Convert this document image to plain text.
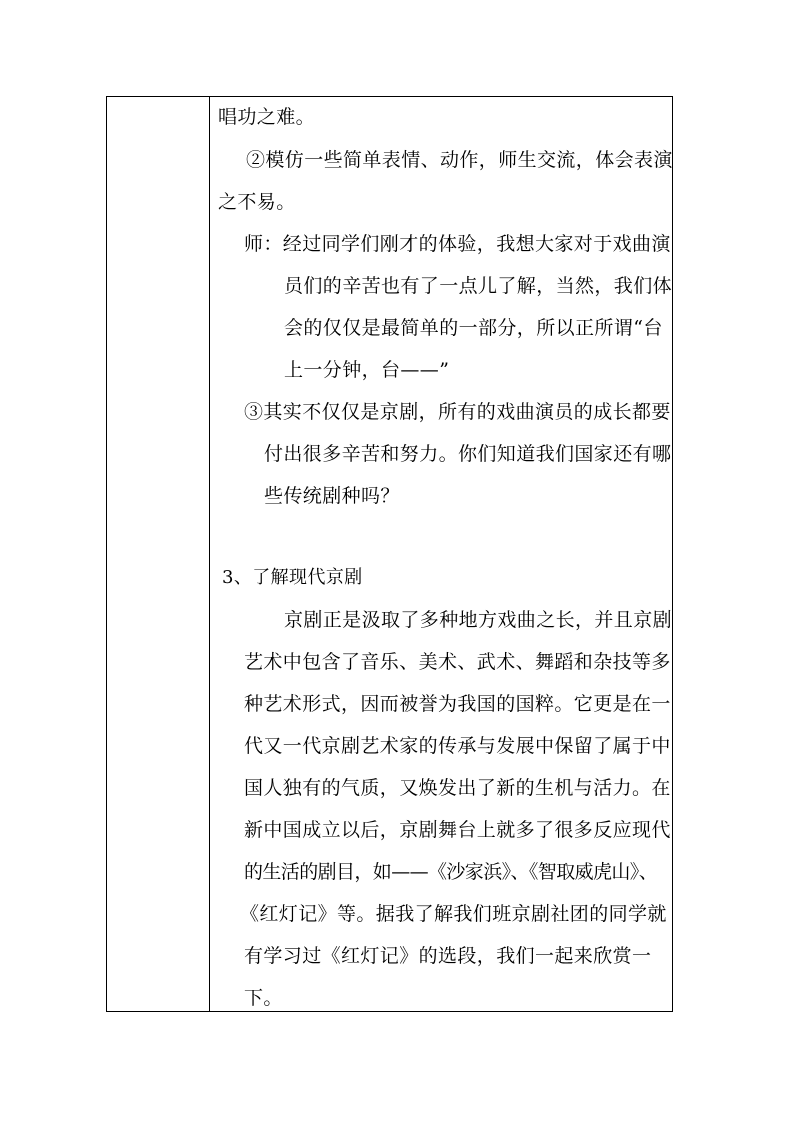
唱功之难。
②模仿一些简单表情、动作，师生交流，体会表演
之不易。
师：经过同学们刚才的体验，我想大家对于戏曲演
员们的辛苦也有了一点儿了解，当然，我们体
会的仅仅是最简单的一部分，所以正所谓“台
上一分钟，台——”
③其实不仅仅是京剧，所有的戏曲演员的成长都要
付出很多辛苦和努力。你们知道我们国家还有哪
些传统剧种吗？
3、了解现代京剧
京剧正是汲取了多种地方戏曲之长，并且京剧
艺术中包含了音乐、美术、武术、舞蹈和杂技等多
种艺术形式，因而被誉为我国的国粹。它更是在一
代又一代京剧艺术家的传承与发展中保留了属于中
国人独有的气质，又焕发出了新的生机与活力。在
新中国成立以后，京剧舞台上就多了很多反应现代
的生活的剧目，如——《沙家浜》、《智取威虎山》、
《红灯记》等。据我了解我们班京剧社团的同学就
有学习过《红灯记》的选段，我们一起来欣赏一
下。
